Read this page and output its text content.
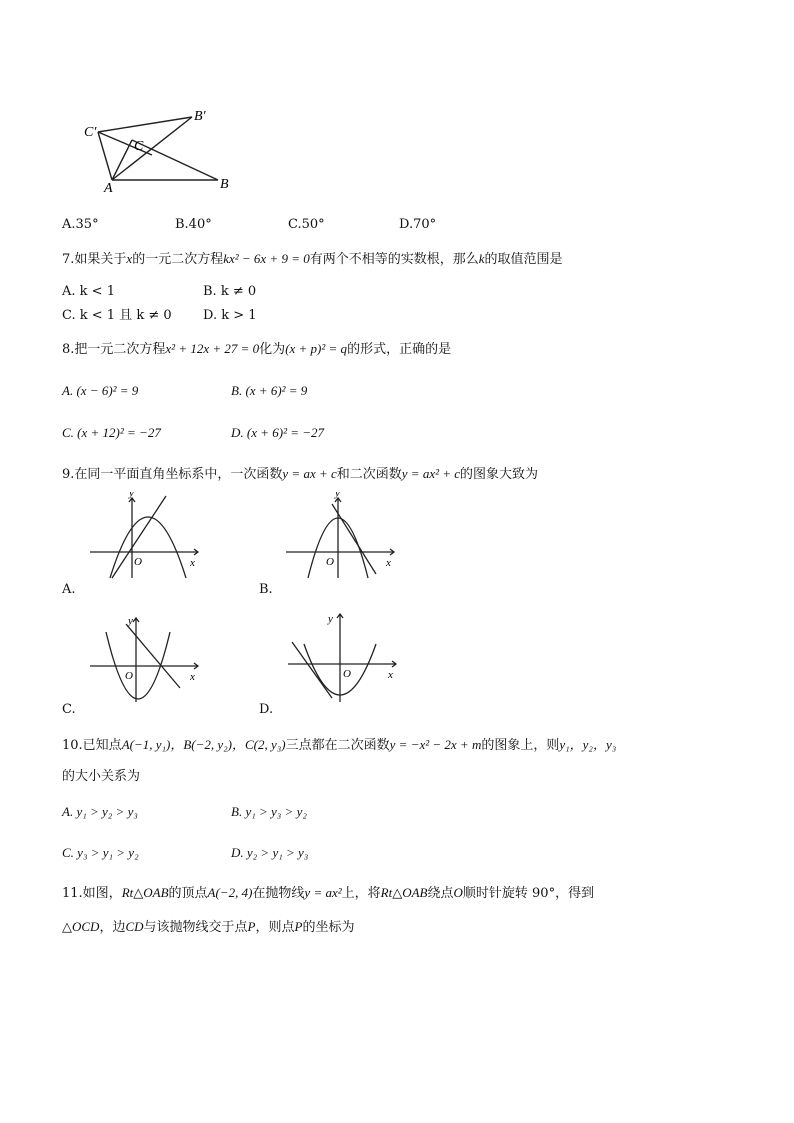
C′
B′
C
A	B
A.35°	B.40°	C.50°	D.70°
7.如果关于x的一元二次方程kx² − 6x + 9 = 0有两个不相等的实数根，那么k的取值范围是
A. k < 1	B. k ≠ 0
C. k < 1 且 k ≠ 0 D. k > 1
8.把一元二次方程x² + 12x + 27 = 0化为(x + p)² = q的形式，正确的是
A. (x − 6)² = 9	B. (x + 6)² = 9
C. (x + 12)² = −27	D. (x + 6)² = −27
9.在同一平面直角坐标系中，一次函数y = ax + c和二次函数y = ax² + c的图象大致为
y
x
O
A.
y
x
O
B.
y
x
O
C.
y
x
O
D.
10.已知点A(−1, y₁)，B(−2, y₂)，C(2, y₃)三点都在二次函数y = −x² − 2x + m的图象上，则y₁，y₂，y₃
的大小关系为
A. y₁ > y₂ > y₃	B. y₁ > y₃ > y₂
C. y₃ > y₁ > y₂	D. y₂ > y₁ > y₃
11.如图，Rt△OAB的顶点A(−2, 4)在抛物线y = ax²上，将Rt△OAB绕点O顺时针旋转 90°，得到
△OCD，边CD与该抛物线交于点P，则点P的坐标为
